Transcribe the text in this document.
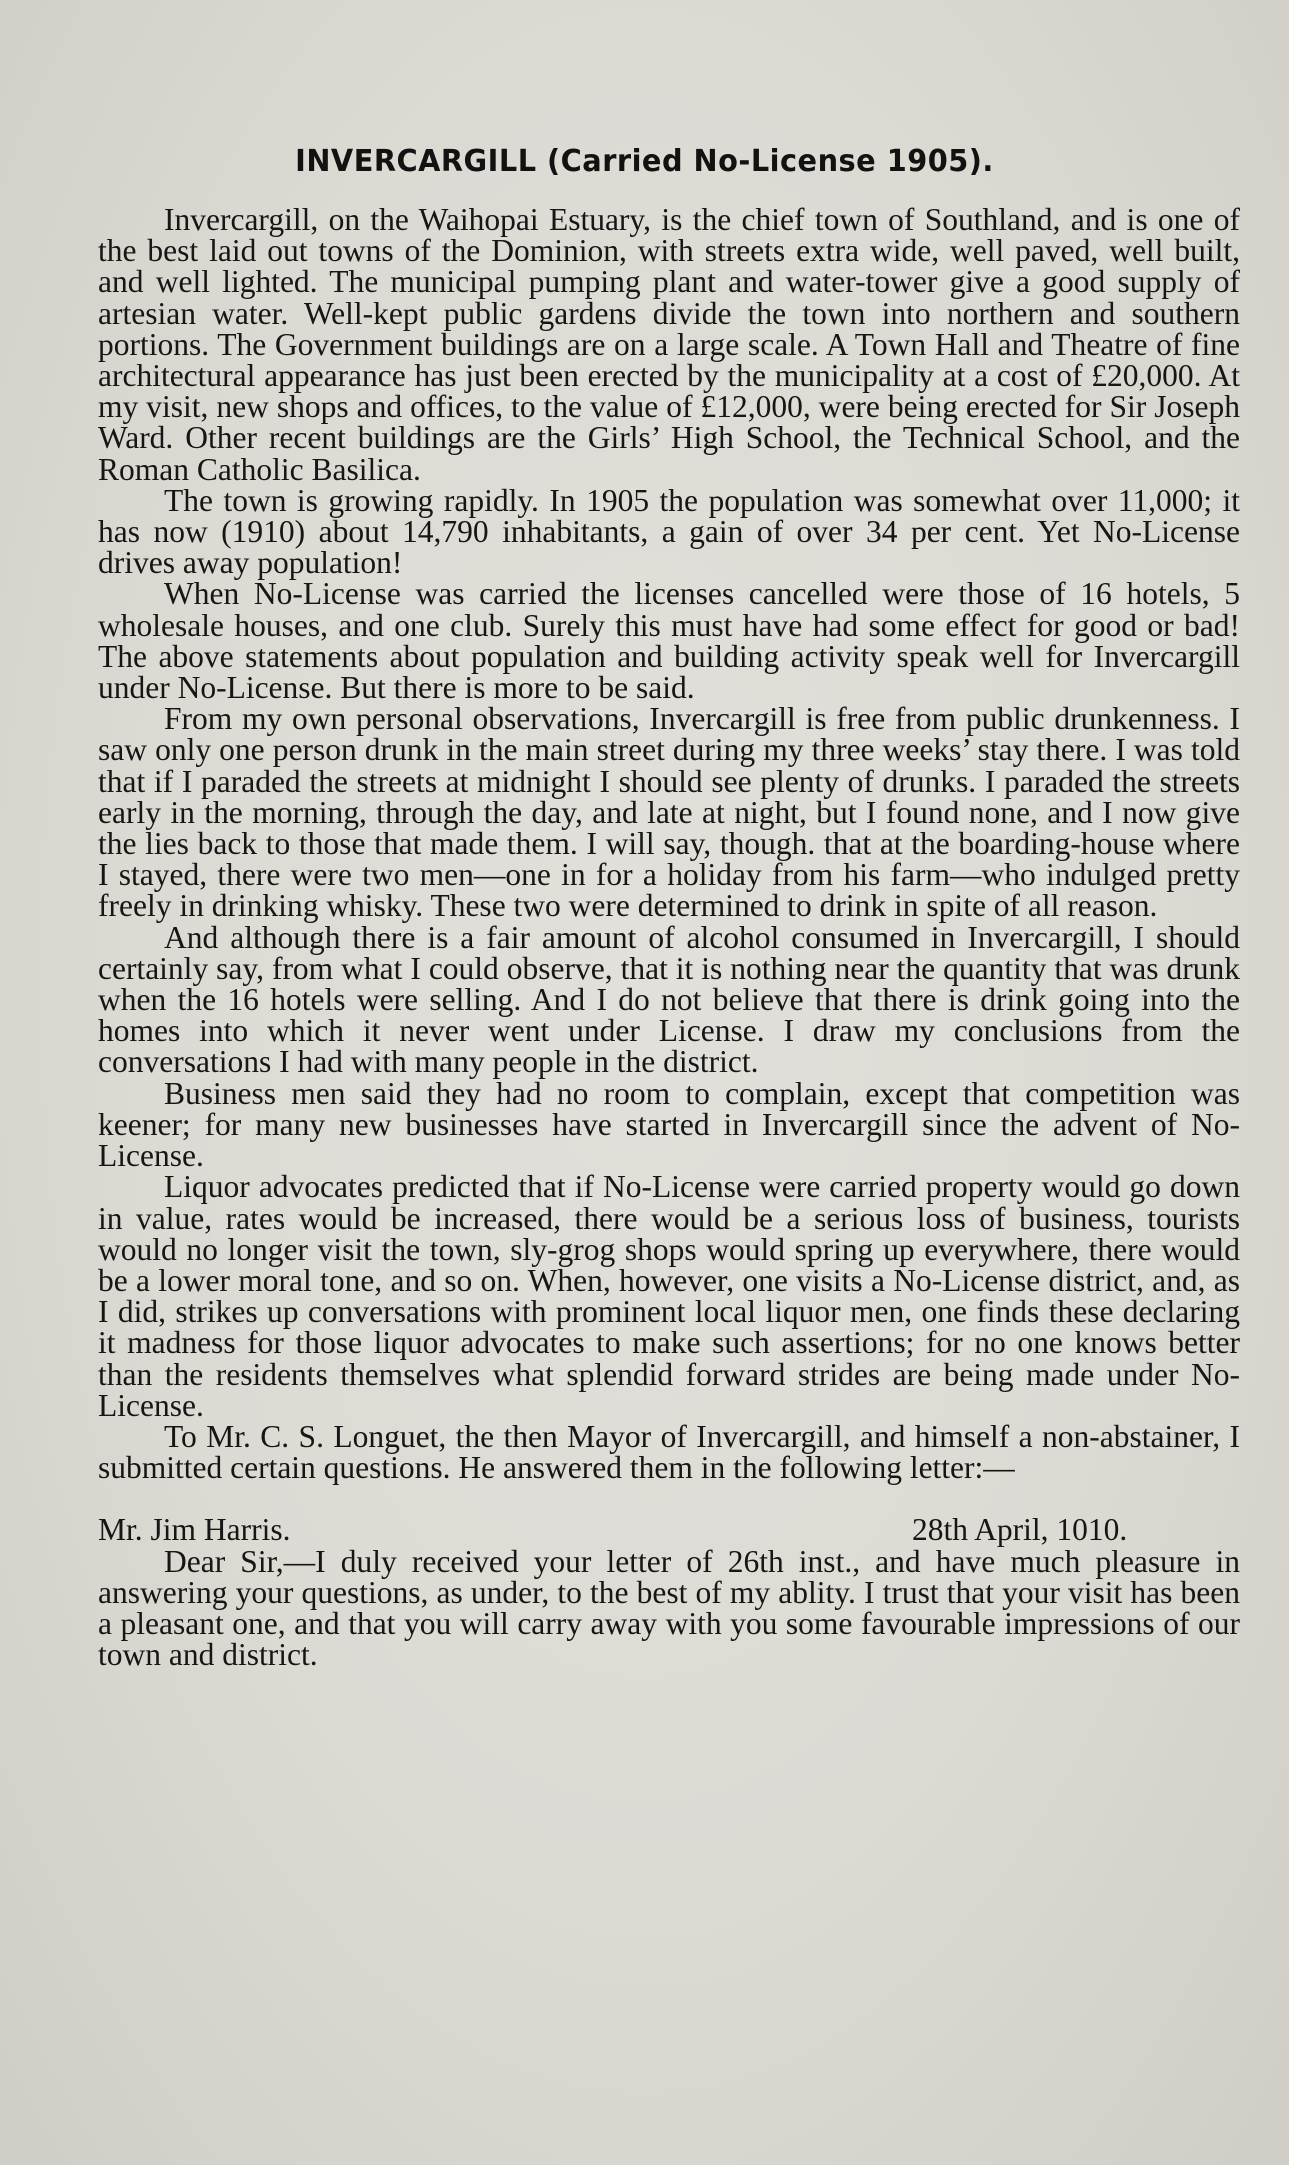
INVERCARGILL (Carried No-License 1905).

Invercargill, on the Waihopai Estuary, is the chief town of Southland, and is one of the best laid out towns of the Dominion, with streets extra wide, well paved, well built, and well lighted. The municipal pumping plant and water-tower give a good supply of artesian water. Well-kept public gardens divide the town into northern and southern portions. The Government buildings are on a large scale. A Town Hall and Theatre of fine architectural appearance has just been erected by the municipality at a cost of £20,000. At my visit, new shops and offices, to the value of £12,000, were being erected for Sir Joseph Ward. Other recent buildings are the Girls’ High School, the Technical School, and the Roman Catholic Basilica.

The town is growing rapidly. In 1905 the population was somewhat over 11,000; it has now (1910) about 14,790 inhabitants, a gain of over 34 per cent. Yet No-License drives away population!

When No-License was carried the licenses cancelled were those of 16 hotels, 5 wholesale houses, and one club. Surely this must have had some effect for good or bad! The above statements about population and building activity speak well for Invercargill under No-License. But there is more to be said.

From my own personal observations, Invercargill is free from public drunkenness. I saw only one person drunk in the main street during my three weeks’ stay there. I was told that if I paraded the streets at midnight I should see plenty of drunks. I paraded the streets early in the morning, through the day, and late at night, but I found none, and I now give the lies back to those that made them. I will say, though. that at the boarding-house where I stayed, there were two men—one in for a holiday from his farm—who indulged pretty freely in drinking whisky. These two were determined to drink in spite of all reason.

And although there is a fair amount of alcohol consumed in Invercargill, I should certainly say, from what I could observe, that it is nothing near the quantity that was drunk when the 16 hotels were selling. And I do not believe that there is drink going into the homes into which it never went under License. I draw my conclusions from the conversations I had with many people in the district.

Business men said they had no room to complain, except that competition was keener; for many new businesses have started in Invercargill since the advent of No-License.

Liquor advocates predicted that if No-License were carried property would go down in value, rates would be increased, there would be a serious loss of business, tourists would no longer visit the town, sly-grog shops would spring up everywhere, there would be a lower moral tone, and so on. When, however, one visits a No-License district, and, as I did, strikes up conversations with prominent local liquor men, one finds these declaring it madness for those liquor advocates to make such assertions; for no one knows better than the residents themselves what splendid forward strides are being made under No-License.

To Mr. C. S. Longuet, the then Mayor of Invercargill, and himself a non-abstainer, I submitted certain questions. He answered them in the following letter:—

Mr. Jim Harris.	28th April, 1010.

Dear Sir,—I duly received your letter of 26th inst., and have much pleasure in answering your questions, as under, to the best of my ablity. I trust that your visit has been a pleasant one, and that you will carry away with you some favourable impressions of our town and district.
